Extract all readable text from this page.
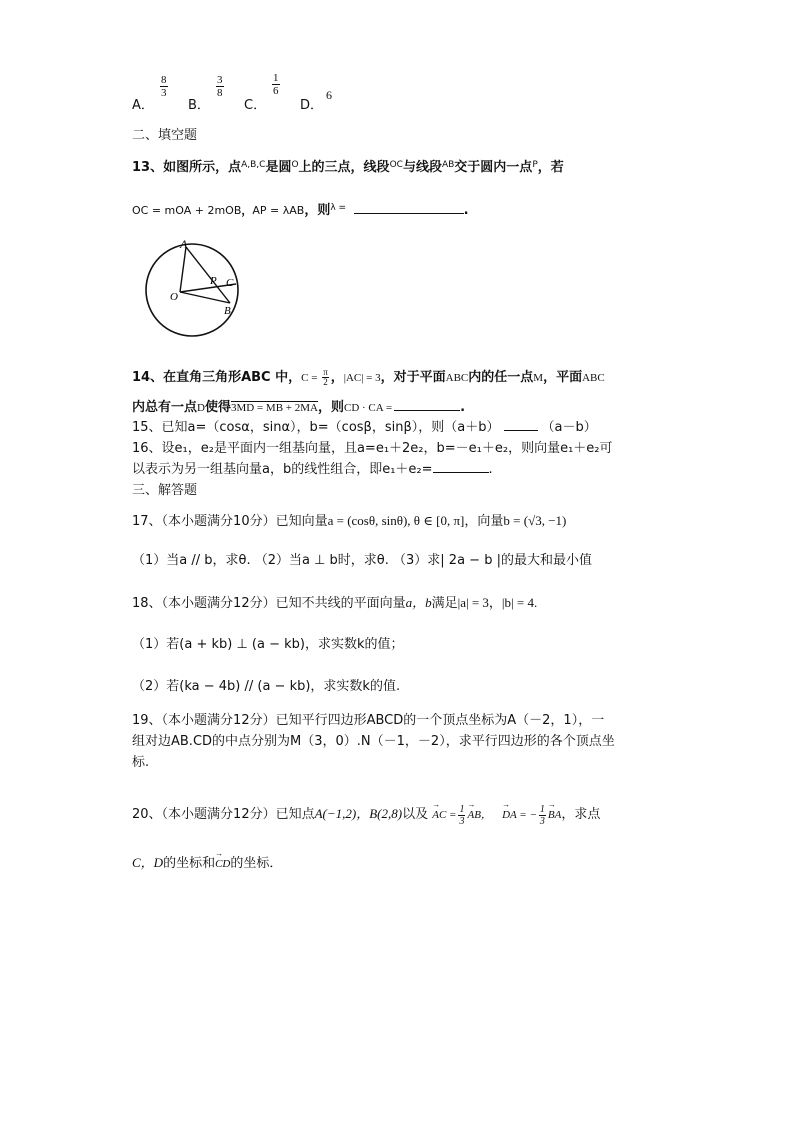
A．
$\frac{8}{3}$
B．
$\frac{3}{8}$
C．
$\frac{1}{6}$
D．
6
二、填空题
13、如图所示，点$^{A,B,C}$是圆$^O$上的三点，线段$^{OC}$与线段$^{AB}$交于圆内一点$^P$，若
OC = mOA + 2mOB，AP = λAB，则$^{\lambda =}$	.
A
P C
O
B
14、在直角三角形ABC 中，$C = \frac{\pi}{2}$ ，|AC| = 3，对于平面ABC内的任一点M，平面ABC
内总有一点D使得3MD = MB + 2MA，则CD · CA =	.
15、已知a=（cosα，sinα），b=（cosβ，sinβ），则（a＋b）	（a－b）
16、设e₁，e₂是平面内一组基向量，且a=e₁＋2e₂，b=－e₁＋e₂，则向量e₁＋e₂可
以表示为另一组基向量a，b的线性组合，即e₁＋e₂=	.
三、解答题
17、（本小题满分10分）已知向量a = (cosθ, sinθ), θ ∈ [0, π]，向量b = (√3, −1)
（1）当a // b，求θ. （2）当a ⊥ b时，求θ. （3）求| 2a − b |的最大和最小值
18、（本小题满分12分）已知不共线的平面向量a，b满足|a| = 3，|b| = 4.
（1）若(a + kb) ⊥ (a − kb)，求实数k的值；
（2）若(ka − 4b) // (a − kb)，求实数k的值.
19、（本小题满分12分）已知平行四边形ABCD的一个顶点坐标为A（－2，1），一
组对边AB.CD的中点分别为M（3，0）.N（－1，－2），求平行四边形的各个顶点坐
标.
20、（本小题满分12分）已知点A(−1,2)，B(2,8)以及 → AC = $\frac{1}{3}$ → AB， → DA = − $\frac{1}{3}$ → BA，求点
C，D的坐标和→ CD的坐标．
